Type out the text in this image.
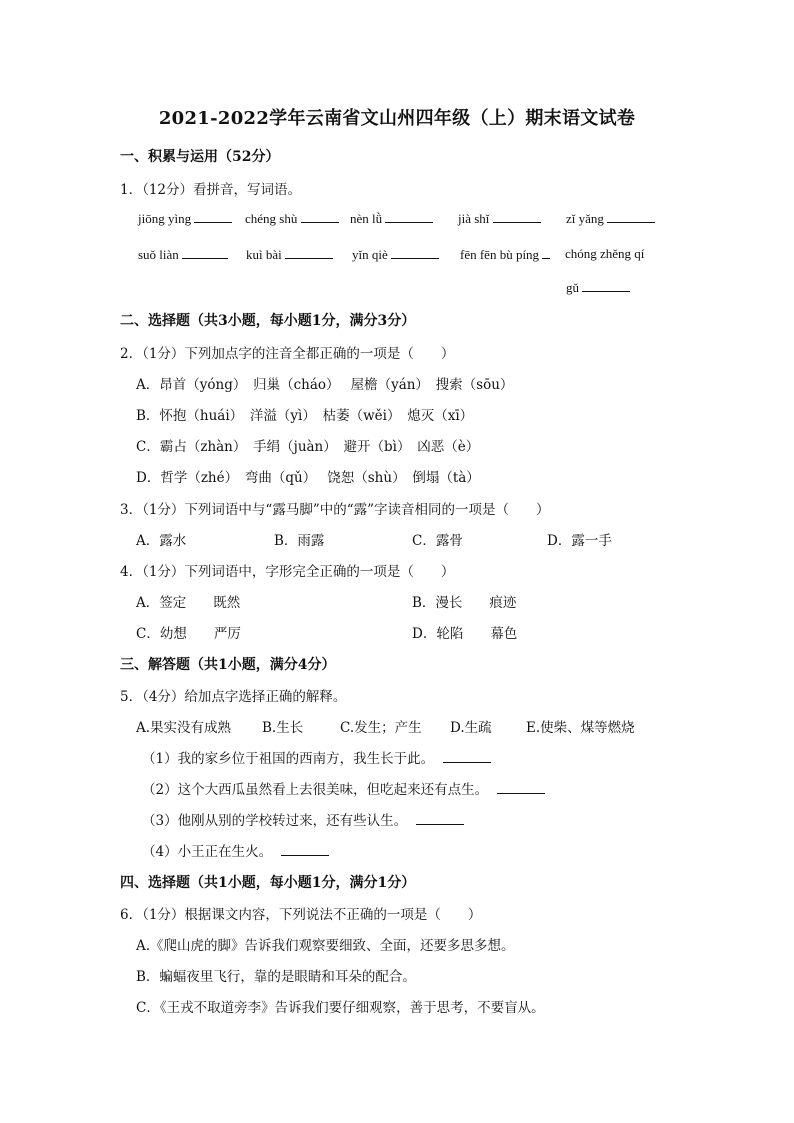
2021-2022学年云南省文山州四年级（上）期末语文试卷
一、积累与运用（52分）
1．（12分）看拼音，写词语。
jiōng yìng	chéng shù	nèn lǜ	jià shǐ	zǐ yǎng
suǒ liàn	kuì bài	yǐn qiè	fēn fēn bù píng	chóng zhěng qí
gǔ
二、选择题（共3小题，每小题1分，满分3分）
2．（1分）下列加点字的注音全都正确的一项是（　　）
A．昂首（yóng）　归巢（cháo）　 屋檐（yán）　搜索（sōu）
B．怀抱（huái）　洋溢（yì）　枯萎（wěi）　熄灭（xī）
C．霸占（zhàn）　手绢（juàn）　避开（bì）　凶恶（è）
D．哲学（zhé）　弯曲（qǔ）　 饶恕（shù）　倒塌（tà）
3．（1分）下列词语中与“露马脚”中的“露”字读音相同的一项是（　　）
A．露水	B．雨露	C．露骨	D．露一手
4．（1分）下列词语中，字形完全正确的一项是（　　）
A．签定　　既然	B．漫长　　痕迹
C．幼想　　严厉	D．轮陷　　幕色
三、解答题（共1小题，满分4分）
5．（4分）给加点字选择正确的解释。
A.果实没有成熟 B.生长	C.发生；产生 D.生疏	E.使柴、煤等燃烧
（1）我的家乡位于祖国的西南方，我生长于此。
（2）这个大西瓜虽然看上去很美味，但吃起来还有点生。
（3）他刚从别的学校转过来，还有些认生。
（4）小王正在生火。
四、选择题（共1小题，每小题1分，满分1分）
6．（1分）根据课文内容，下列说法不正确的一项是（　　）
A.《爬山虎的脚》告诉我们观察要细致、全面，还要多思多想。
B．蝙蝠夜里飞行，靠的是眼睛和耳朵的配合。
C．《王戎不取道旁李》告诉我们要仔细观察，善于思考，不要盲从。
